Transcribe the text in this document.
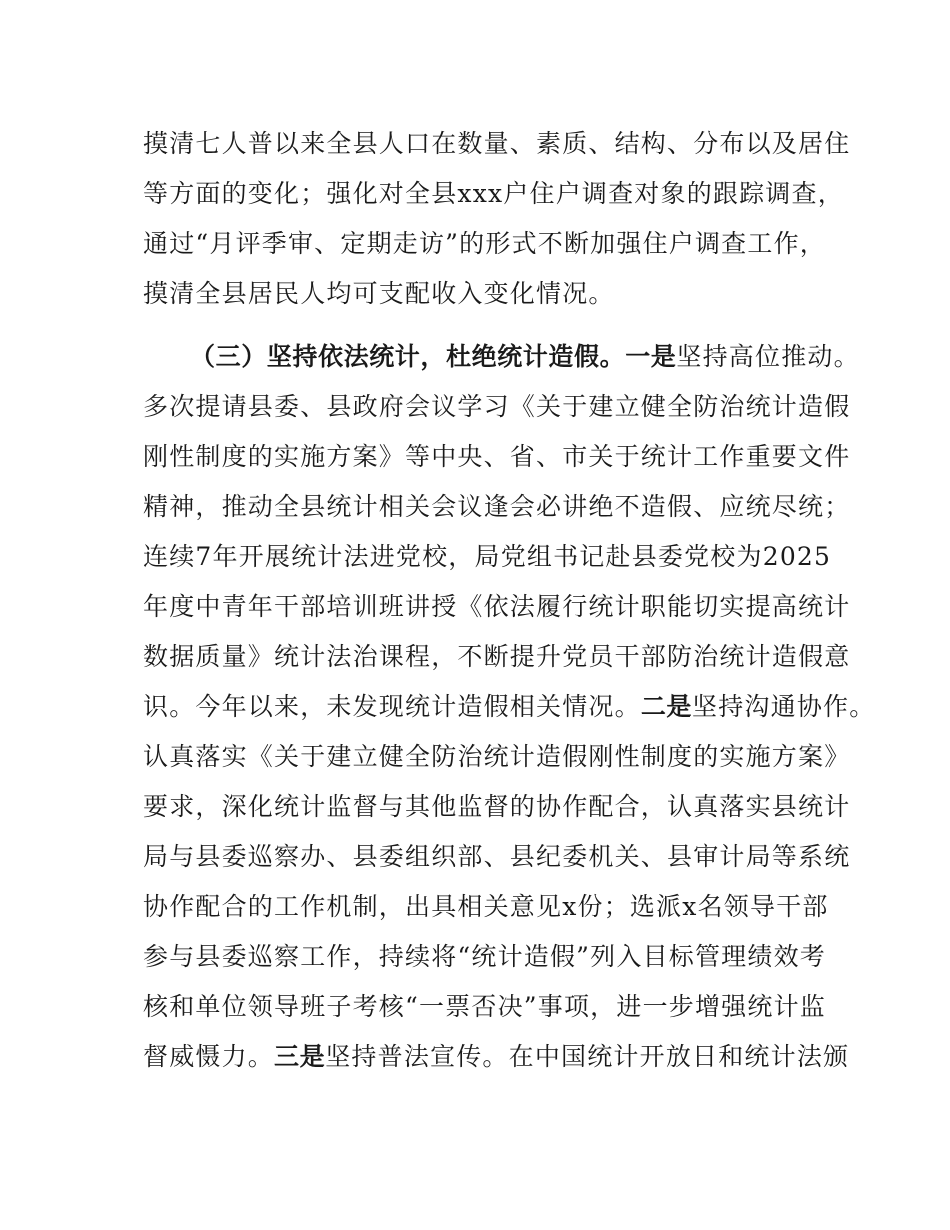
摸清七人普以来全县人口在数量、素质、结构、分布以及居住
等方面的变化；强化对全县xxx户住户调查对象的跟踪调查，
通过“月评季审、定期走访”的形式不断加强住户调查工作，
摸清全县居民人均可支配收入变化情况。
（三）坚持依法统计，杜绝统计造假。一是坚持高位推动。
多次提请县委、县政府会议学习《关于建立健全防治统计造假
刚性制度的实施方案》等中央、省、市关于统计工作重要文件
精神，推动全县统计相关会议逢会必讲绝不造假、应统尽统；
连续7年开展统计法进党校，局党组书记赴县委党校为2025
年度中青年干部培训班讲授《依法履行统计职能切实提高统计
数据质量》统计法治课程，不断提升党员干部防治统计造假意
识。今年以来，未发现统计造假相关情况。二是坚持沟通协作。
认真落实《关于建立健全防治统计造假刚性制度的实施方案》
要求，深化统计监督与其他监督的协作配合，认真落实县统计
局与县委巡察办、县委组织部、县纪委机关、县审计局等系统
协作配合的工作机制，出具相关意见x份；选派x名领导干部
参与县委巡察工作，持续将“统计造假”列入目标管理绩效考
核和单位领导班子考核“一票否决”事项，进一步增强统计监
督威慑力。三是坚持普法宣传。在中国统计开放日和统计法颁
